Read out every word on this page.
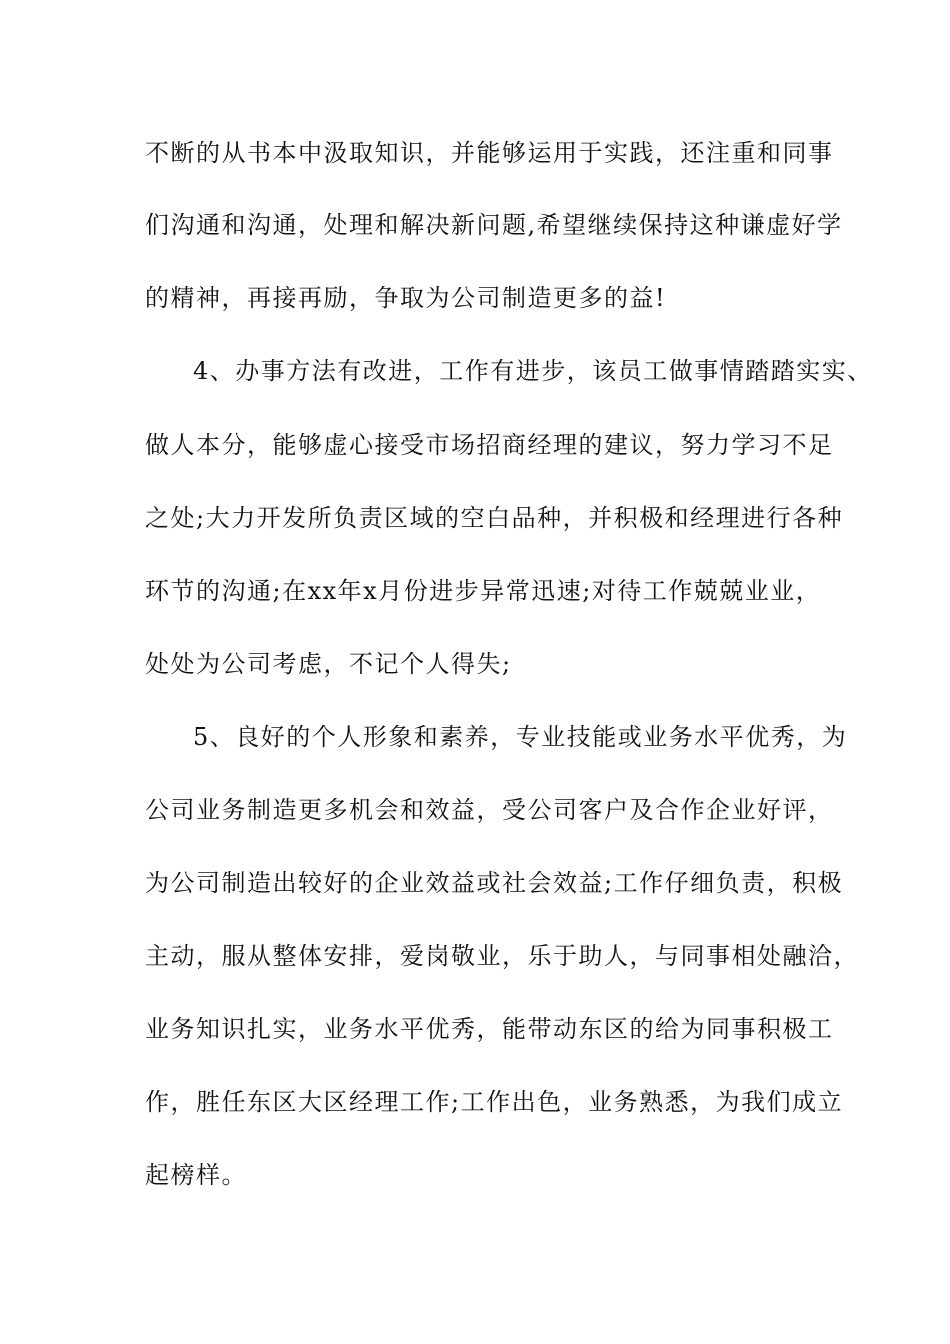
不断的从书本中汲取知识，并能够运用于实践，还注重和同事
们沟通和沟通，处理和解决新问题,希望继续保持这种谦虚好学
的精神，再接再励，争取为公司制造更多的益!
4、办事方法有改进，工作有进步，该员工做事情踏踏实实、
做人本分，能够虚心接受市场招商经理的建议，努力学习不足
之处;大力开发所负责区域的空白品种，并积极和经理进行各种
环节的沟通;在xx年x月份进步异常迅速;对待工作兢兢业业，
处处为公司考虑，不记个人得失;
5、良好的个人形象和素养，专业技能或业务水平优秀，为
公司业务制造更多机会和效益，受公司客户及合作企业好评，
为公司制造出较好的企业效益或社会效益;工作仔细负责，积极
主动，服从整体安排，爱岗敬业，乐于助人，与同事相处融洽，
业务知识扎实，业务水平优秀，能带动东区的给为同事积极工
作，胜任东区大区经理工作;工作出色，业务熟悉，为我们成立
起榜样。
